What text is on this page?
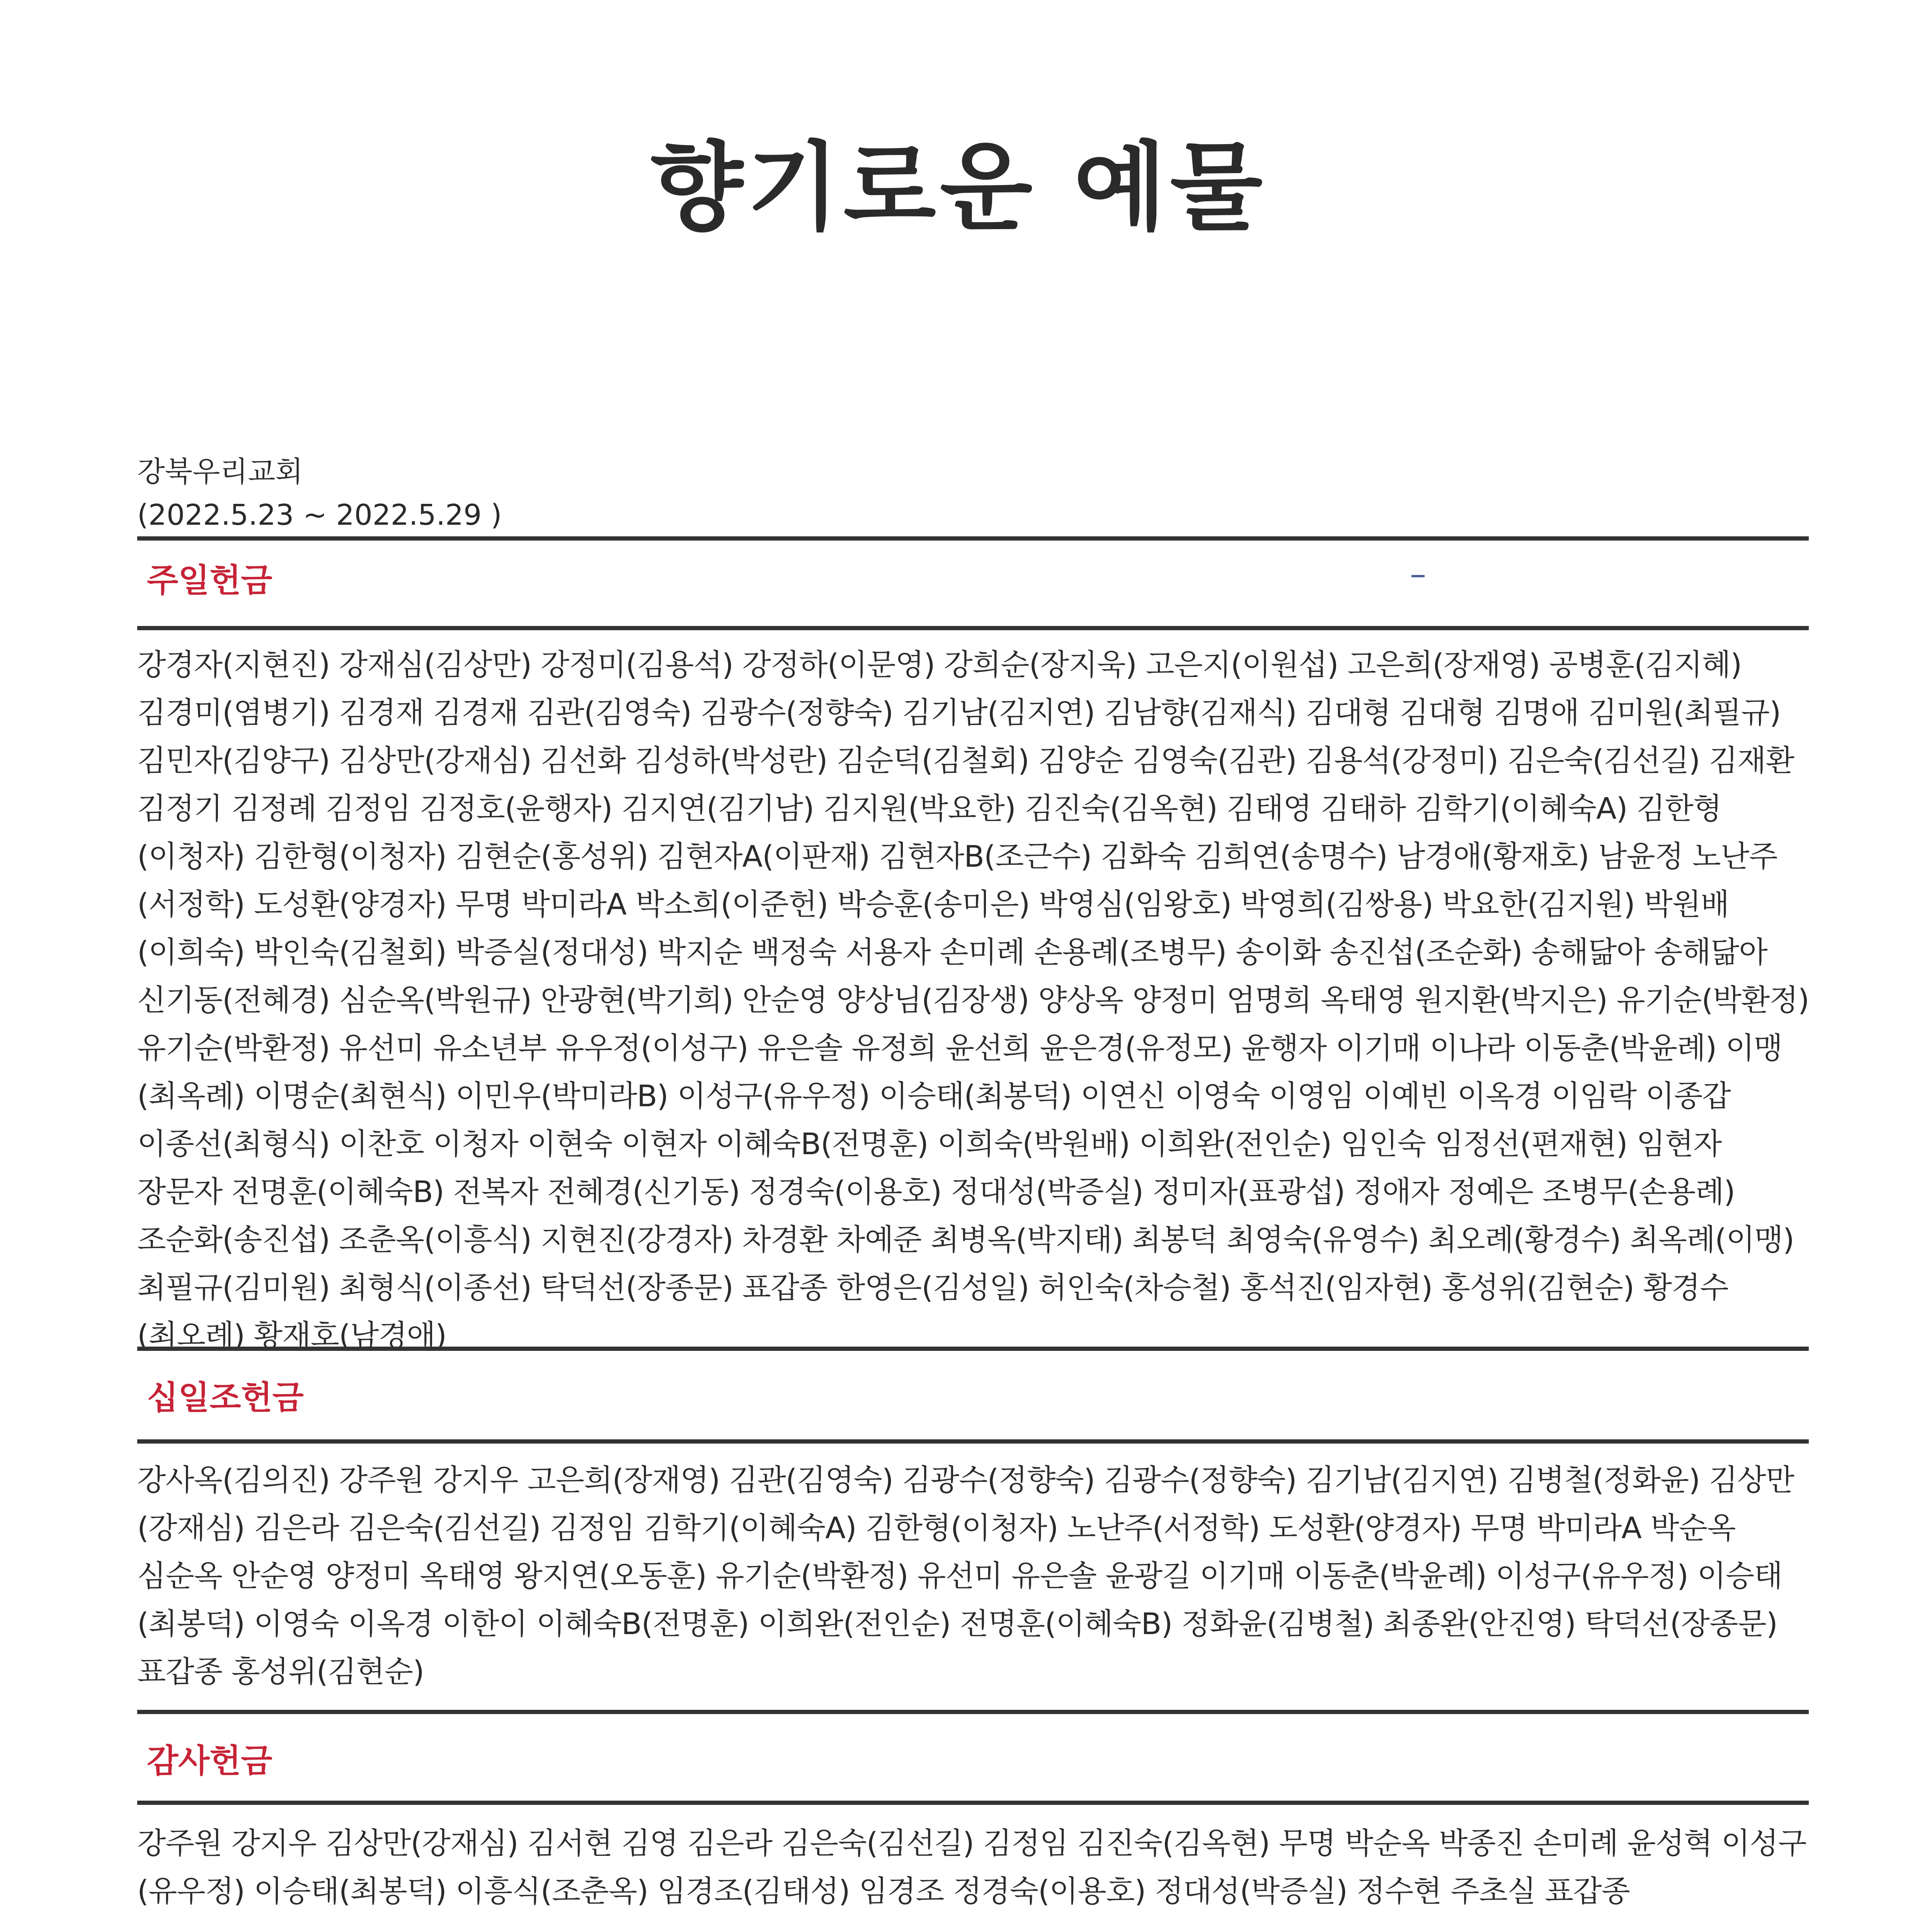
향기로운 예물
강북우리교회
(2022.5.23 ~ 2022.5.29 )
주일헌금

강경자(지현진) 강재심(김상만) 강정미(김용석) 강정하(이문영) 강희순(장지욱) 고은지(이원섭) 고은희(장재영) 공병훈(김지혜) 김경미(염병기) 김경재 김경재 김관(김영숙) 김광수(정향숙) 김기남(김지연) 김남향(김재식) 김대형 김대형 김명애 김미원(최필규) 김민자(김양구) 김상만(강재심) 김선화 김성하(박성란) 김순덕(김철회) 김양순 김영숙(김관) 김용석(강정미) 김은숙(김선길) 김재환 김정기 김정례 김정임 김정호(윤행자) 김지연(김기남) 김지원(박요한) 김진숙(김옥현) 김태영 김태하 김학기(이혜숙A) 김한형(이청자) 김한형(이청자) 김현순(홍성위) 김현자A(이판재) 김현자B(조근수) 김화숙 김희연(송명수) 남경애(황재호) 남윤정 노난주(서정학) 도성환(양경자) 무명 박미라A 박소희(이준헌) 박승훈(송미은) 박영심(임왕호) 박영희(김쌍용) 박요한(김지원) 박원배(이희숙) 박인숙(김철회) 박증실(정대성) 박지순 백정숙 서용자 손미례 손용례(조병무) 송이화 송진섭(조순화) 송해닮아 송해닮아 신기동(전혜경) 심순옥(박원규) 안광현(박기희) 안순영 양상님(김장생) 양상옥 양정미 엄명희 옥태영 원지환(박지은) 유기순(박환정) 유기순(박환정) 유선미 유소년부 유우정(이성구) 유은솔 유정희 윤선희 윤은경(유정모) 윤행자 이기매 이나라 이동춘(박윤례) 이맹(최옥례) 이명순(최현식) 이민우(박미라B) 이성구(유우정) 이승태(최봉덕) 이연신 이영숙 이영임 이예빈 이옥경 이임락 이종갑 이종선(최형식) 이찬호 이청자 이현숙 이현자 이혜숙B(전명훈) 이희숙(박원배) 이희완(전인순) 임인숙 임정선(편재현) 임현자 장문자 전명훈(이혜숙B) 전복자 전혜경(신기동) 정경숙(이용호) 정대성(박증실) 정미자(표광섭) 정애자 정예은 조병무(손용례) 조순화(송진섭) 조춘옥(이흥식) 지현진(강경자) 차경환 차예준 최병옥(박지태) 최봉덕 최영숙(유영수) 최오례(황경수) 최옥례(이맹) 최필규(김미원) 최형식(이종선) 탁덕선(장종문) 표갑종 한영은(김성일) 허인숙(차승철) 홍석진(임자현) 홍성위(김현순) 황경수(최오례) 황재호(남경애)

십일조헌금

강사옥(김의진) 강주원 강지우 고은희(장재영) 김관(김영숙) 김광수(정향숙) 김광수(정향숙) 김기남(김지연) 김병철(정화윤) 김상만(강재심) 김은라 김은숙(김선길) 김정임 김학기(이혜숙A) 김한형(이청자) 노난주(서정학) 도성환(양경자) 무명 박미라A 박순옥 심순옥 안순영 양정미 옥태영 왕지연(오동훈) 유기순(박환정) 유선미 유은솔 윤광길 이기매 이동춘(박윤례) 이성구(유우정) 이승태(최봉덕) 이영숙 이옥경 이한이 이혜숙B(전명훈) 이희완(전인순) 전명훈(이혜숙B) 정화윤(김병철) 최종완(안진영) 탁덕선(장종문) 표갑종 홍성위(김현순)

감사헌금

강주원 강지우 김상만(강재심) 김서현 김영 김은라 김은숙(김선길) 김정임 김진숙(김옥현) 무명 박순옥 박종진 손미례 윤성혁 이성구(유우정) 이승태(최봉덕) 이흥식(조춘옥) 임경조(김태성) 임경조 정경숙(이용호) 정대성(박증실) 정수현 주초실 표갑종
